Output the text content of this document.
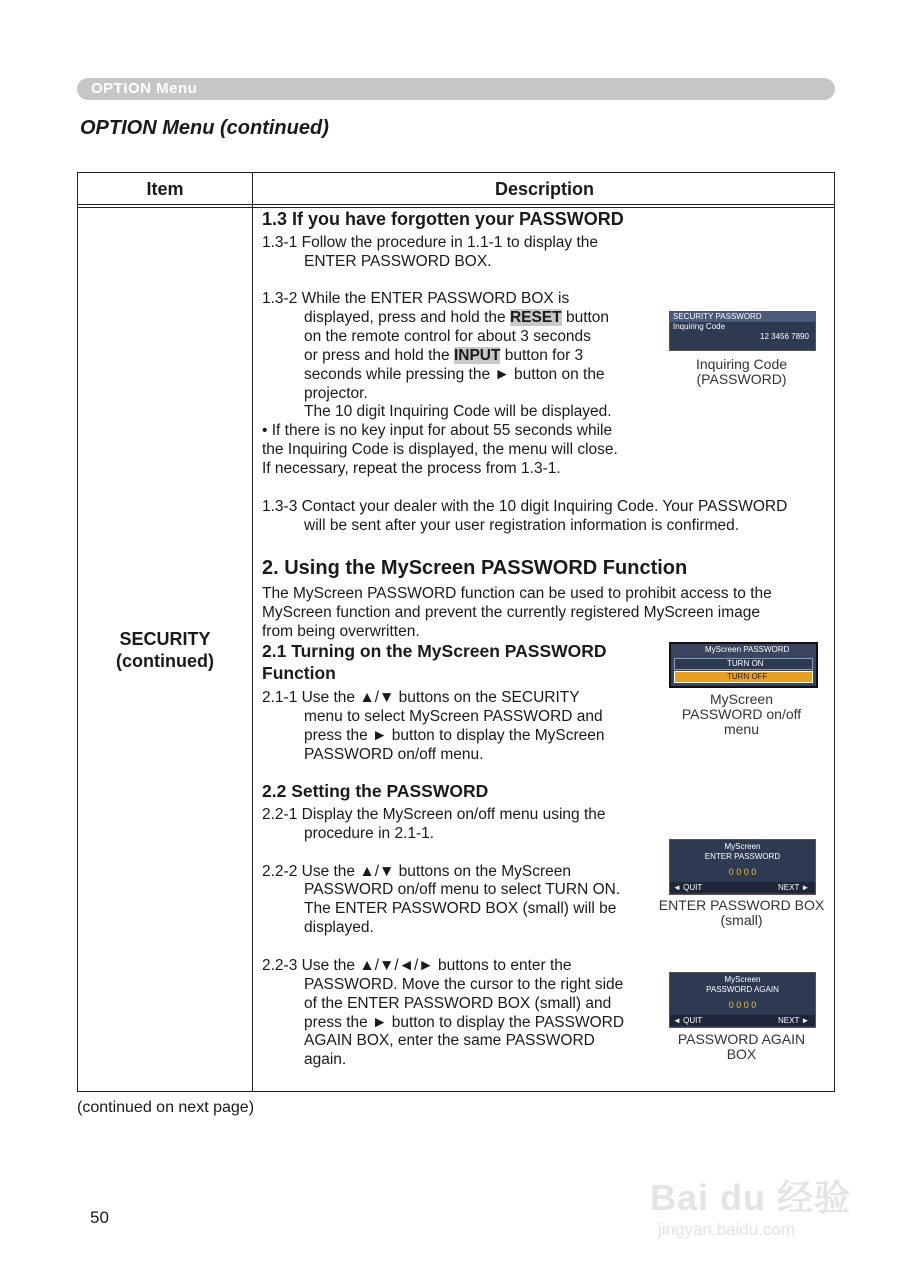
OPTION Menu
OPTION Menu (continued)
Item	Description
SECURITY
(continued)
1.3 If you have forgotten your PASSWORD
1.3-1 Follow the procedure in 1.1-1 to display the
ENTER PASSWORD BOX.
1.3-2 While the ENTER PASSWORD BOX is
displayed, press and hold the RESET button
on the remote control for about 3 seconds
or press and hold the INPUT button for 3
seconds while pressing the ► button on the
projector.
The 10 digit Inquiring Code will be displayed.
• If there is no key input for about 55 seconds while
the Inquiring Code is displayed, the menu will close.
If necessary, repeat the process from 1.3-1.
1.3-3 Contact your dealer with the 10 digit Inquiring Code. Your PASSWORD
will be sent after your user registration information is confirmed.
SECURITY PASSWORD
Inquiring Code
12 3456 7890
Inquiring Code
(PASSWORD)
2. Using the MyScreen PASSWORD Function
The MyScreen PASSWORD function can be used to prohibit access to the
MyScreen function and prevent the currently registered MyScreen image
from being overwritten.
2.1 Turning on the MyScreen PASSWORD
Function
2.1-1 Use the ▲/▼ buttons on the SECURITY
menu to select MyScreen PASSWORD and
press the ► button to display the MyScreen
PASSWORD on/off menu.
MyScreen PASSWORD
TURN ON
TURN OFF
MyScreen
PASSWORD on/off
menu
2.2 Setting the PASSWORD
2.2-1 Display the MyScreen on/off menu using the
procedure in 2.1-1.
2.2-2 Use the ▲/▼ buttons on the MyScreen
PASSWORD on/off menu to select TURN ON.
The ENTER PASSWORD BOX (small) will be
displayed.
2.2-3 Use the ▲/▼/◄/► buttons to enter the
PASSWORD. Move the cursor to the right side
of the ENTER PASSWORD BOX (small) and
press the ► button to display the PASSWORD
AGAIN BOX, enter the same PASSWORD
again.
MyScreen
ENTER PASSWORD
0 0 0 0
◄ QUIT	NEXT ►
ENTER PASSWORD BOX
(small)
MyScreen
PASSWORD AGAIN
0 0 0 0
◄ QUIT	NEXT ►
PASSWORD AGAIN
BOX
(continued on next page)
50	Bai du 经验
jingyan.baidu.com
